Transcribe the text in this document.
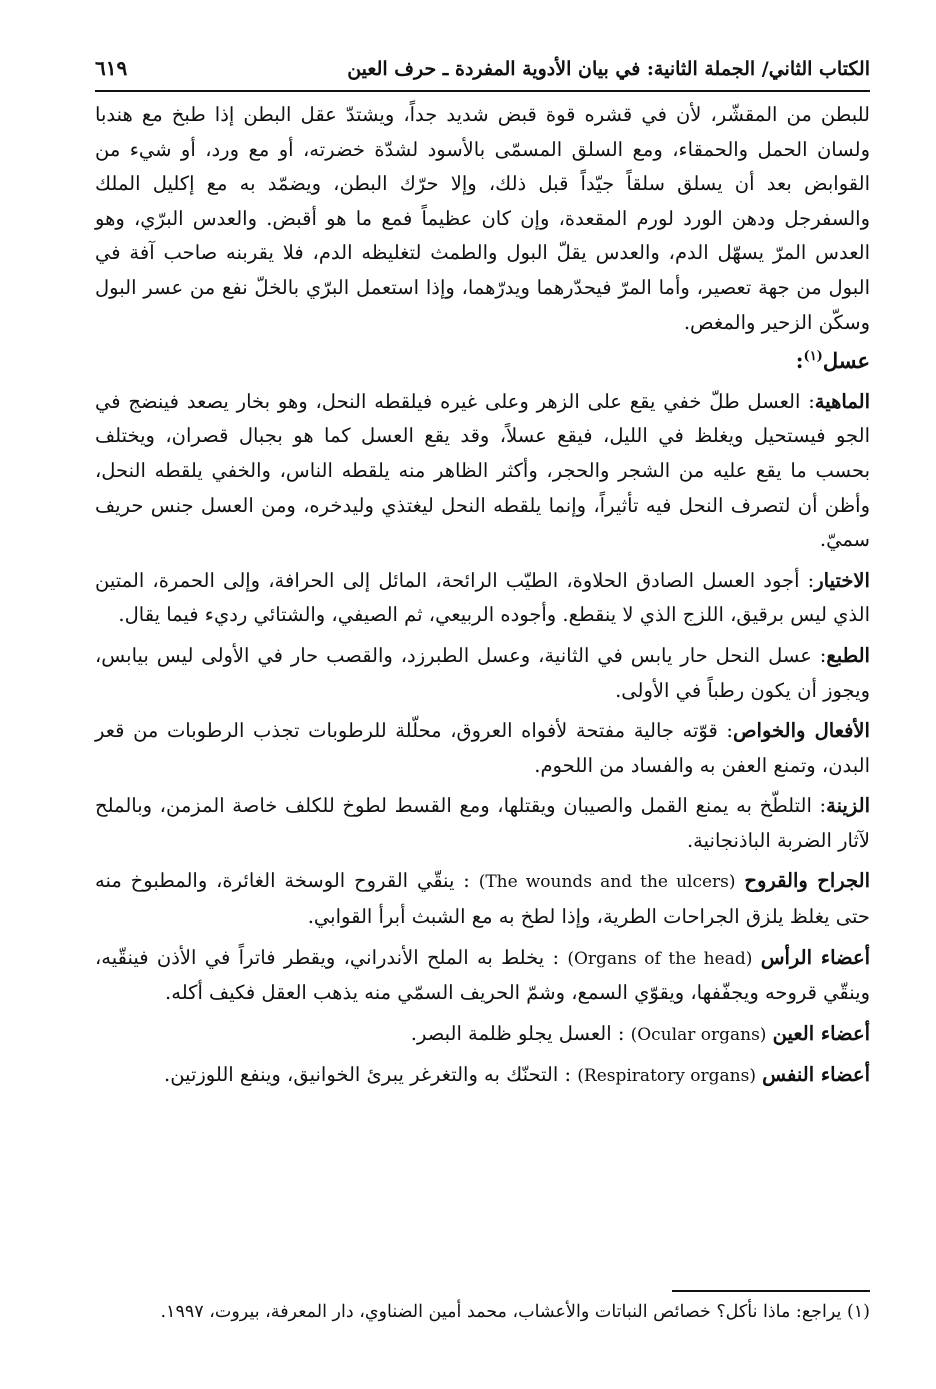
الكتاب الثاني/ الجملة الثانية: في بيان الأدوية المفردة ـ حرف العين
٦١٩

للبطن من المقشّر، لأن في قشره قوة قبض شديد جداً، ويشتدّ عقل البطن إذا طبخ مع هندبا ولسان الحمل والحمقاء، ومع السلق المسمّى بالأسود لشدّة خضرته، أو مع ورد، أو شيء من القوابض بعد أن يسلق سلقاً جيّداً قبل ذلك، وإلا حرّك البطن، ويضمّد به مع إكليل الملك والسفرجل ودهن الورد لورم المقعدة، وإن كان عظيماً فمع ما هو أقبض. والعدس البرّي، وهو العدس المرّ يسهّل الدم، والعدس يقلّ البول والطمث لتغليظه الدم، فلا يقربنه صاحب آفة في البول من جهة تعصير، وأما المرّ فيحدّرهما ويدرّهما، وإذا استعمل البرّي بالخلّ نفع من عسر البول وسكّن الزحير والمغص.

عسل$^{(١)}$:

الماهية: العسل طلّ خفي يقع على الزهر وعلى غيره فيلقطه النحل، وهو بخار يصعد فينضج في الجو فيستحيل ويغلظ في الليل، فيقع عسلاً، وقد يقع العسل كما هو بجبال قصران، ويختلف بحسب ما يقع عليه من الشجر والحجر، وأكثر الظاهر منه يلقطه الناس، والخفي يلقطه النحل، وأظن أن لتصرف النحل فيه تأثيراً، وإنما يلقطه النحل ليغتذي وليدخره، ومن العسل جنس حريف سميّ.

الاختيار: أجود العسل الصادق الحلاوة، الطيّب الرائحة، المائل إلى الحرافة، وإلى الحمرة، المتين الذي ليس برقيق، اللزج الذي لا ينقطع. وأجوده الربيعي، ثم الصيفي، والشتائي رديء فيما يقال.

الطبع: عسل النحل حار يابس في الثانية، وعسل الطبرزد، والقصب حار في الأولى ليس بيابس، ويجوز أن يكون رطباً في الأولى.

الأفعال والخواص: قوّته جالية مفتحة لأفواه العروق، محلّلة للرطوبات تجذب الرطوبات من قعر البدن، وتمنع العفن به والفساد من اللحوم.

الزينة: التلطّخ به يمنع القمل والصيبان ويقتلها، ومع القسط لطوخ للكلف خاصة المزمن، وبالملح لآثار الضربة الباذنجانية.

الجراح والقروح (The wounds and the ulcers) : ينقّي القروح الوسخة الغائرة، والمطبوخ منه حتى يغلظ يلزق الجراحات الطرية، وإذا لطخ به مع الشبث أبرأ القوابي.

أعضاء الرأس (Organs of the head) : يخلط به الملح الأندراني، ويقطر فاتراً في الأذن فينقّيه، وينقّي قروحه ويجفّفها، ويقوّي السمع، وشمّ الحريف السمّي منه يذهب العقل فكيف أكله.

أعضاء العين (Ocular organs) : العسل يجلو ظلمة البصر.

أعضاء النفس (Respiratory organs) : التحنّك به والتغرغر يبرئ الخوانيق، وينفع اللوزتين.

(١) يراجع: ماذا نأكل؟ خصائص النباتات والأعشاب، محمد أمين الضناوي، دار المعرفة، بيروت، ١٩٩٧.
